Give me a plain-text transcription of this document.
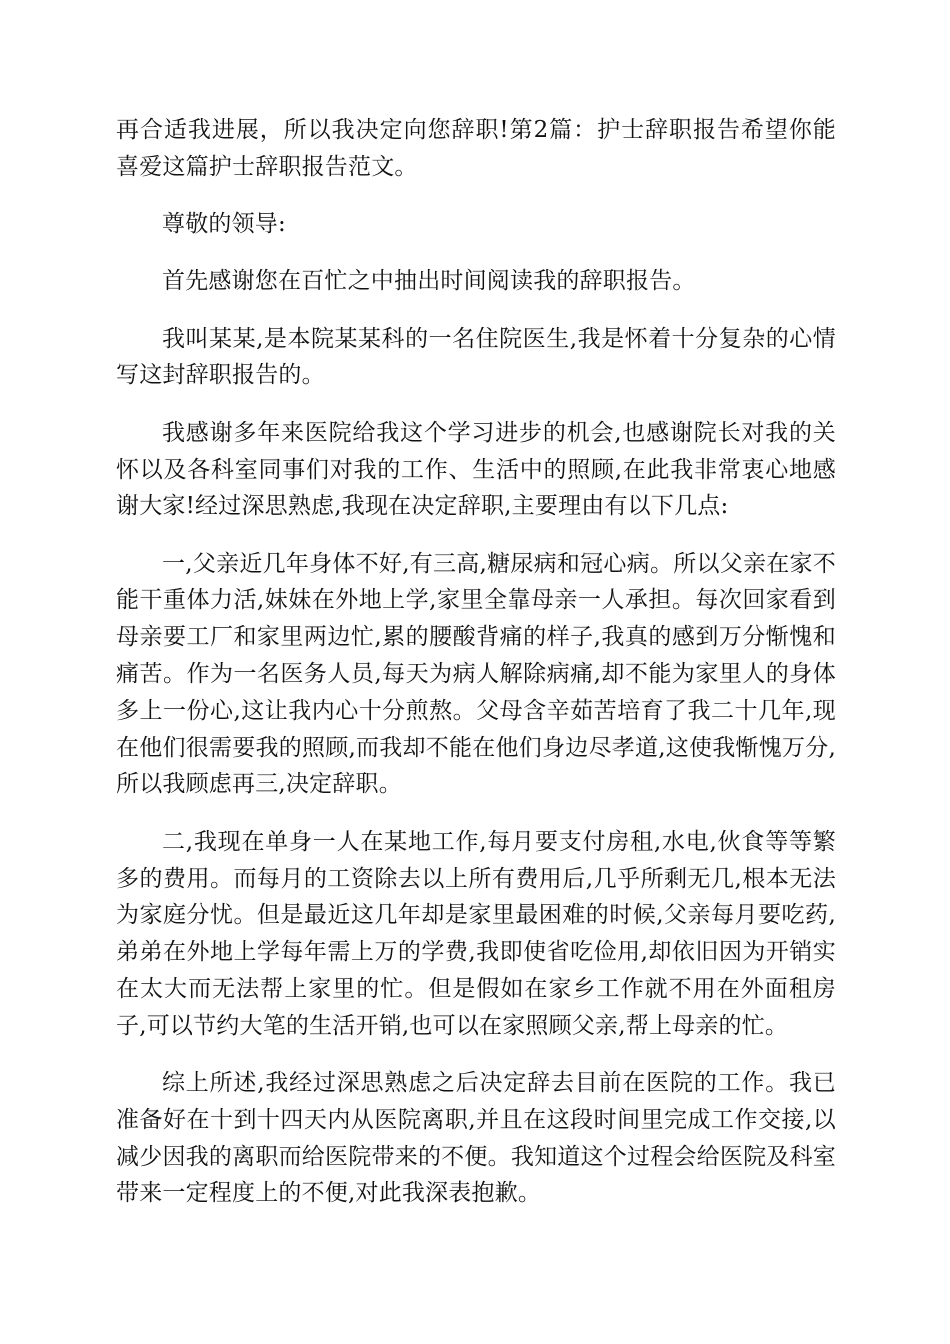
再合适我进展，所以我决定向您辞职!第2篇：护士辞职报告希望你能喜爱这篇护士辞职报告范文。

尊敬的领导:

首先感谢您在百忙之中抽出时间阅读我的辞职报告。

我叫某某,是本院某某科的一名住院医生,我是怀着十分复杂的心情写这封辞职报告的。

我感谢多年来医院给我这个学习进步的机会,也感谢院长对我的关怀以及各科室同事们对我的工作、生活中的照顾,在此我非常衷心地感谢大家!经过深思熟虑,我现在决定辞职,主要理由有以下几点:

一,父亲近几年身体不好,有三高,糖尿病和冠心病。所以父亲在家不能干重体力活,妹妹在外地上学,家里全靠母亲一人承担。每次回家看到母亲要工厂和家里两边忙,累的腰酸背痛的样子,我真的感到万分惭愧和痛苦。作为一名医务人员,每天为病人解除病痛,却不能为家里人的身体多上一份心,这让我内心十分煎熬。父母含辛茹苦培育了我二十几年,现在他们很需要我的照顾,而我却不能在他们身边尽孝道,这使我惭愧万分,所以我顾虑再三,决定辞职。

二,我现在单身一人在某地工作,每月要支付房租,水电,伙食等等繁多的费用。而每月的工资除去以上所有费用后,几乎所剩无几,根本无法为家庭分忧。但是最近这几年却是家里最困难的时候,父亲每月要吃药,弟弟在外地上学每年需上万的学费,我即使省吃俭用,却依旧因为开销实在太大而无法帮上家里的忙。但是假如在家乡工作就不用在外面租房子,可以节约大笔的生活开销,也可以在家照顾父亲,帮上母亲的忙。

综上所述,我经过深思熟虑之后决定辞去目前在医院的工作。我已准备好在十到十四天内从医院离职,并且在这段时间里完成工作交接,以减少因我的离职而给医院带来的不便。我知道这个过程会给医院及科室带来一定程度上的不便,对此我深表抱歉。
